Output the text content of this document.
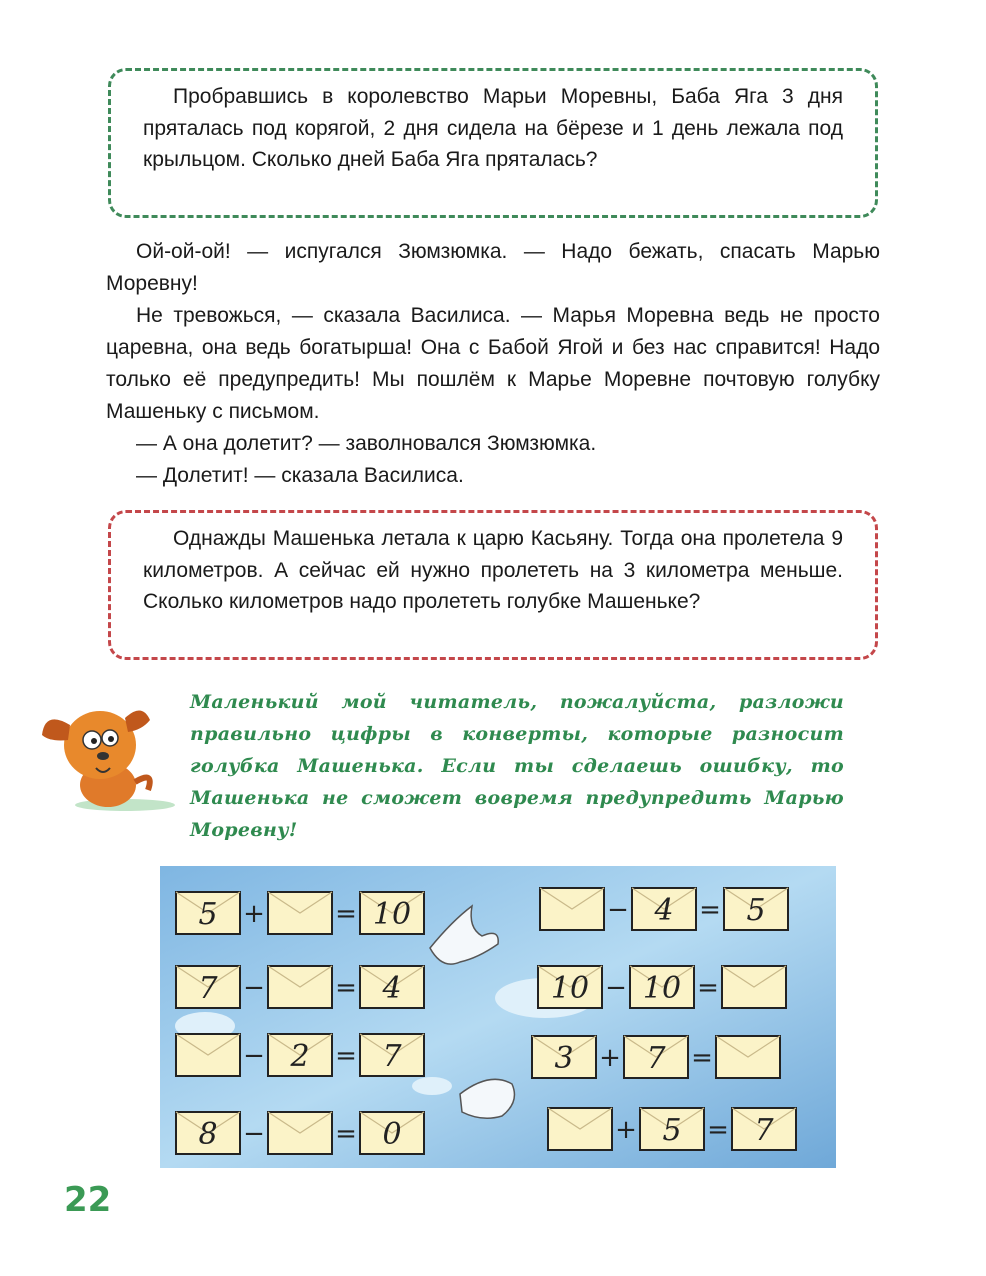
Пробравшись в королевство Марьи Моревны, Баба Яга 3 дня пряталась под корягой, 2 дня сидела на бёрезе и 1 день лежала под крыльцом. Сколько дней Баба Яга пряталась?

Ой-ой-ой! — испугался Зюмзюмка. — Надо бежать, спасать Марью Моревну!

Не тревожься, — сказала Василиса. — Марья Моревна ведь не просто царевна, она ведь богатырша! Она с Бабой Ягой и без нас справится! Надо только её предупредить! Мы пошлём к Марье Моревне почтовую голубку Машеньку с письмом.

— А она долетит? — заволновался Зюмзюмка.

— Долетит! — сказала Василиса.

Однажды Машенька летала к царю Касьяну. Тогда она пролетела 9 километров. А сейчас ей нужно пролететь на 3 километра меньше. Сколько километров надо пролететь голубке Машеньке?

Маленький мой читатель, пожалуйста, разложи правильно цифры в конверты, которые разносит голубка Машенька. Если ты сделаешь ошибку, то Машенька не сможет вовремя предупредить Марью Моревну!
5 +	= 10
7 −	= 4
− 2 = 7
8 −	= 0
− 4 = 5
10 − 10 =
3 + 7 =
+ 5 = 7
22
